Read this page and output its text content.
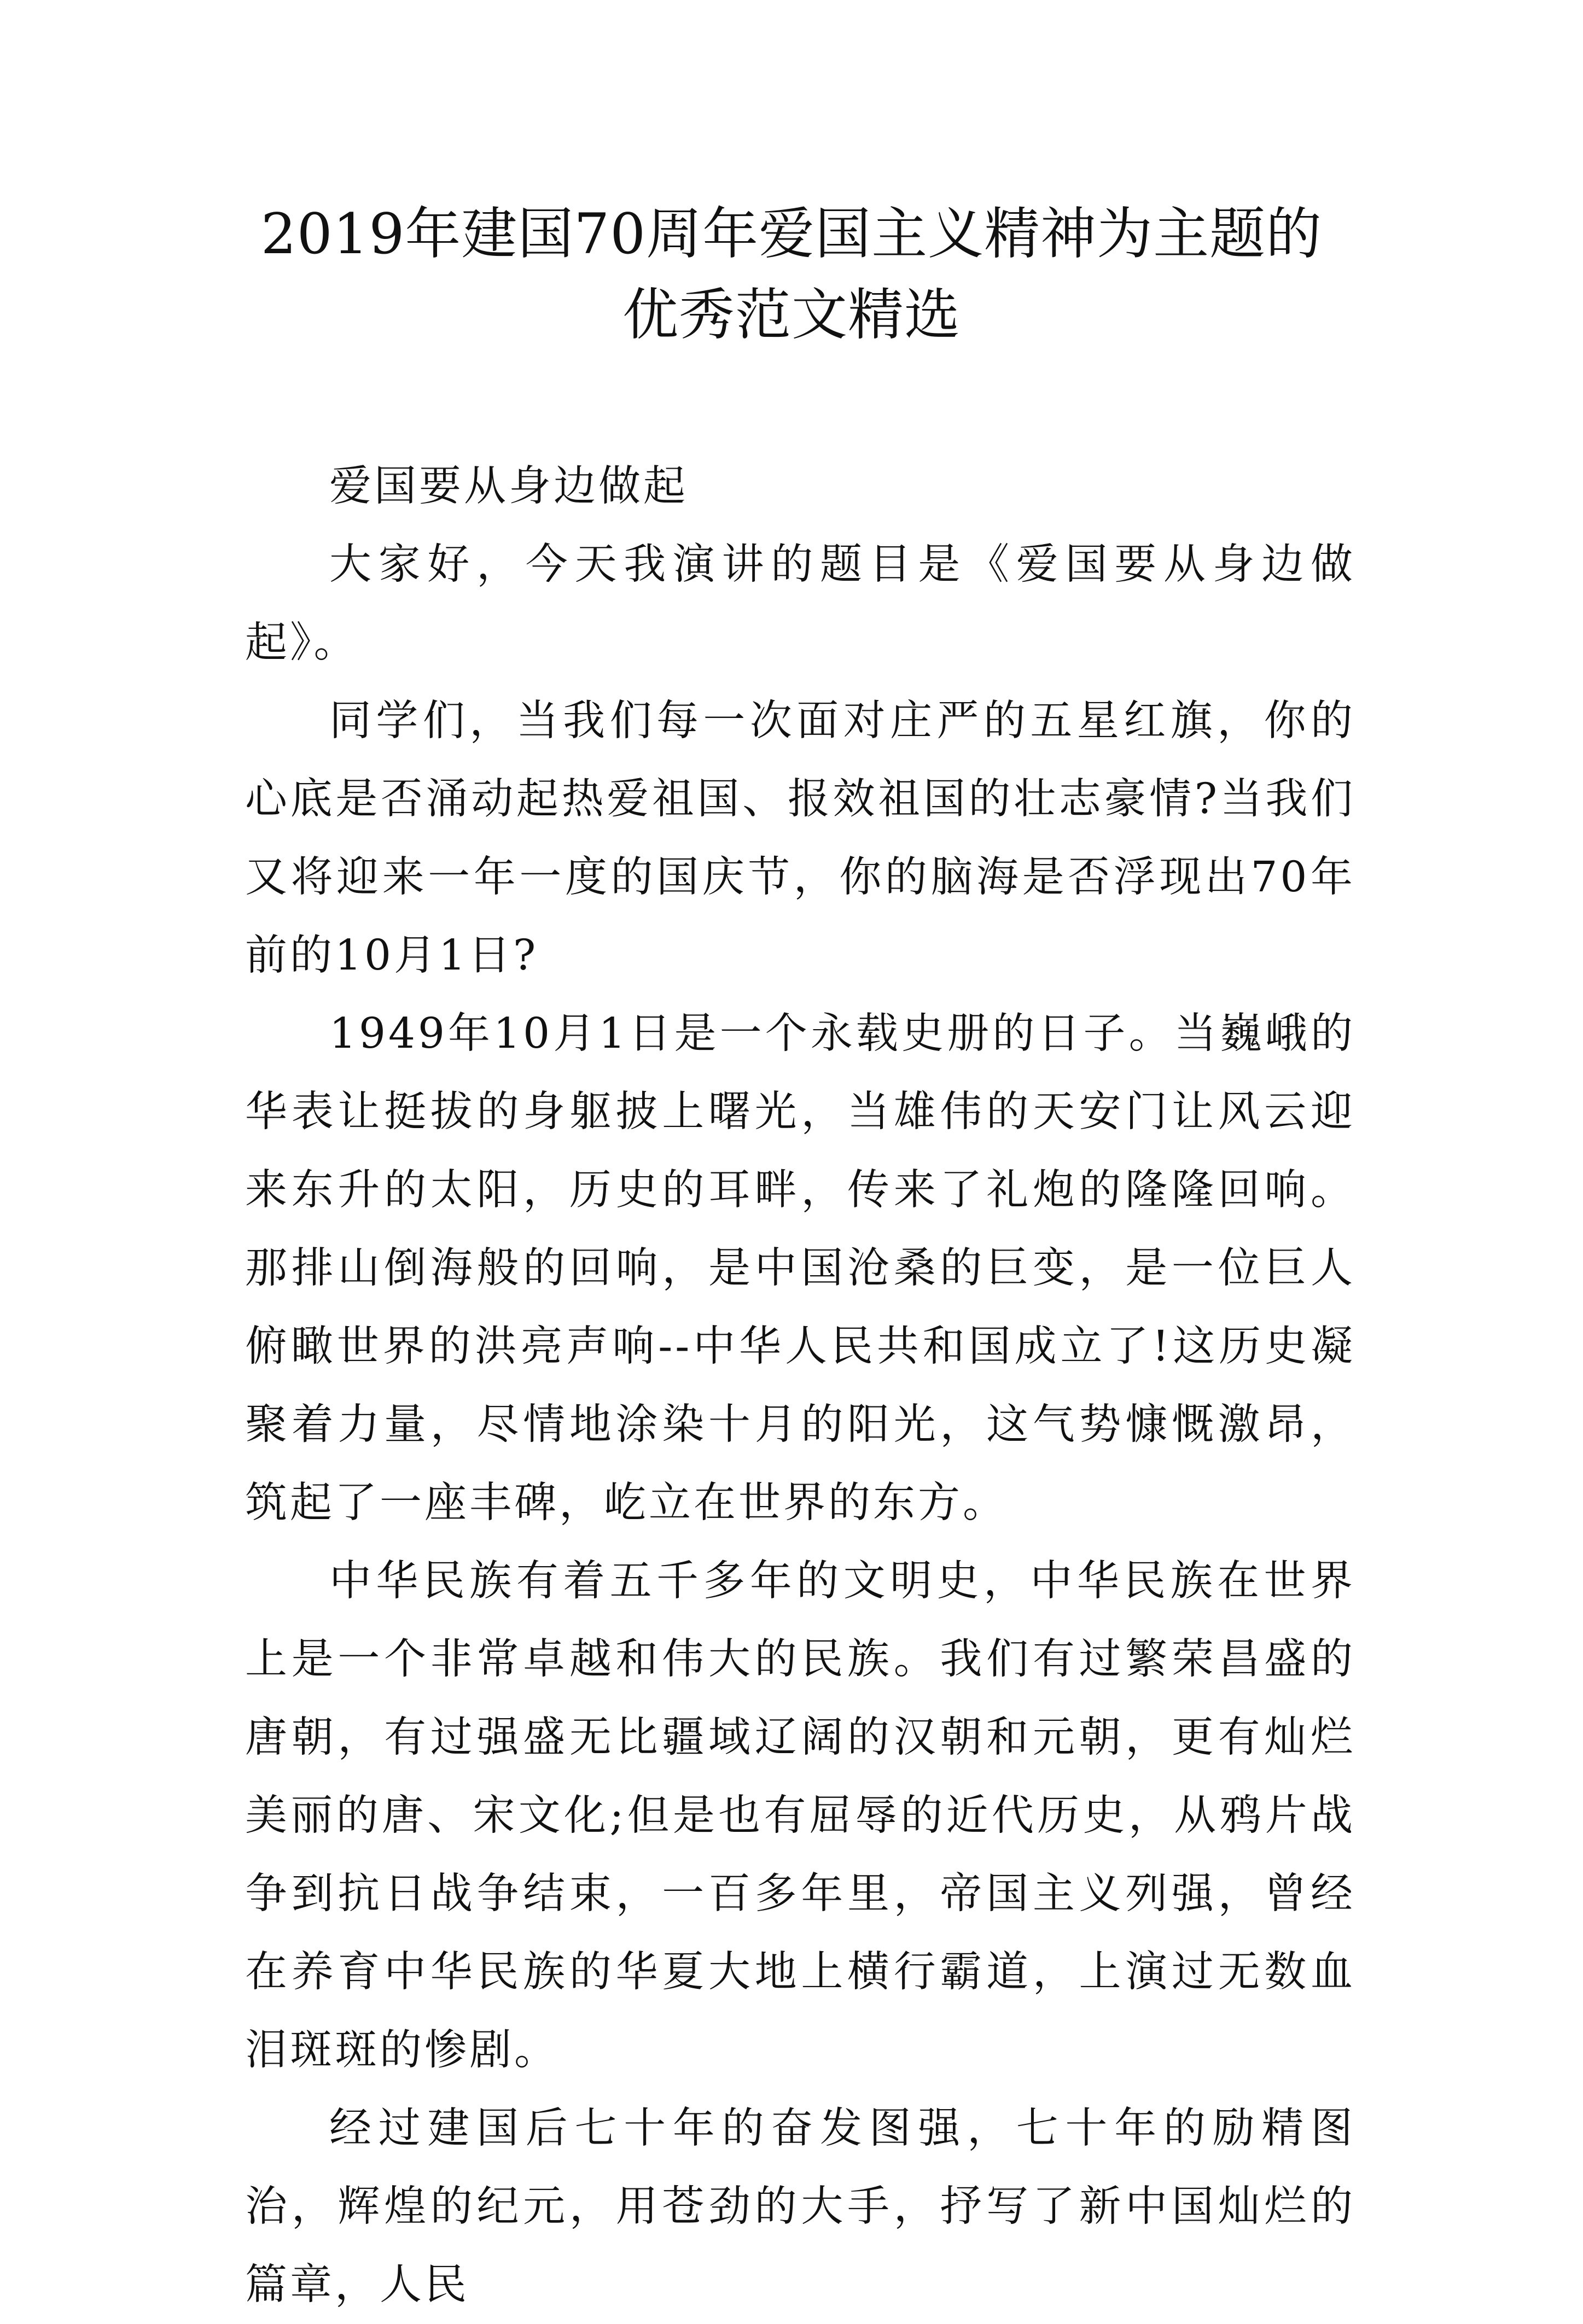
2019年建国70周年爱国主义精神为主题的
优秀范文精选

爱国要从身边做起

大家好，今天我演讲的题目是《爱国要从身边做起》。

同学们，当我们每一次面对庄严的五星红旗，你的心底是否涌动起热爱祖国、报效祖国的壮志豪情?当我们又将迎来一年一度的国庆节，你的脑海是否浮现出70年前的10月1日?

1949年10月1日是一个永载史册的日子。当巍峨的华表让挺拔的身躯披上曙光，当雄伟的天安门让风云迎来东升的太阳，历史的耳畔，传来了礼炮的隆隆回响。那排山倒海般的回响，是中国沧桑的巨变，是一位巨人俯瞰世界的洪亮声响--中华人民共和国成立了!这历史凝聚着力量，尽情地涂染十月的阳光，这气势慷慨激昂，筑起了一座丰碑，屹立在世界的东方。

中华民族有着五千多年的文明史，中华民族在世界上是一个非常卓越和伟大的民族。我们有过繁荣昌盛的唐朝，有过强盛无比疆域辽阔的汉朝和元朝，更有灿烂美丽的唐、宋文化;但是也有屈辱的近代历史，从鸦片战争到抗日战争结束，一百多年里，帝国主义列强，曾经在养育中华民族的华夏大地上横行霸道，上演过无数血泪斑斑的惨剧。

经过建国后七十年的奋发图强，七十年的励精图治，辉煌的纪元，用苍劲的大手，抒写了新中国灿烂的篇章，人民
